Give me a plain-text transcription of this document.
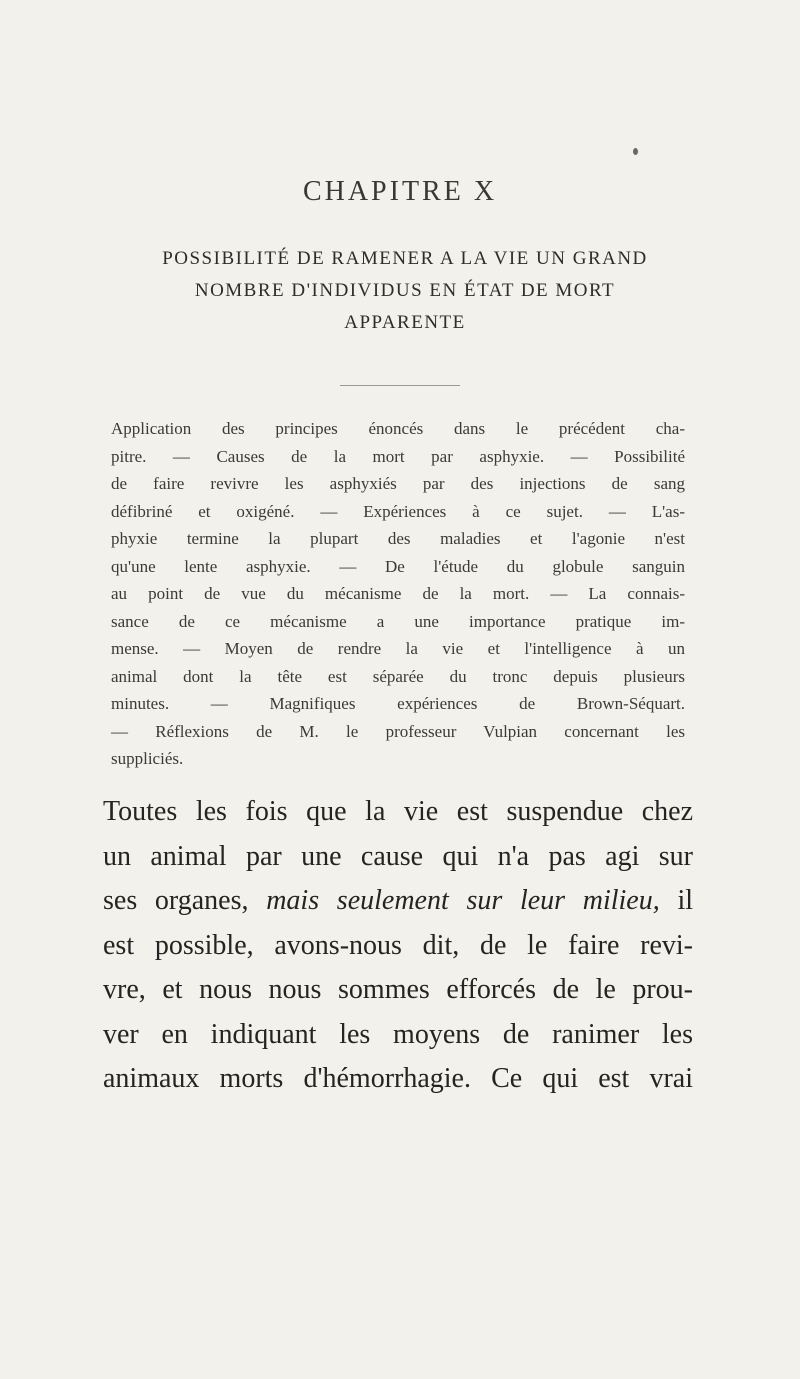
CHAPITRE X
POSSIBILITÉ DE RAMENER A LA VIE UN GRAND
NOMBRE D'INDIVIDUS EN ÉTAT DE MORT
APPARENTE
Application des principes énoncés dans le précédent cha-
pitre. — Causes de la mort par asphyxie. — Possibilité
de faire revivre les asphyxiés par des injections de sang
défibriné et oxigéné. — Expériences à ce sujet. — L'as-
phyxie termine la plupart des maladies et l'agonie n'est
qu'une lente asphyxie. — De l'étude du globule sanguin
au point de vue du mécanisme de la mort. — La connais-
sance de ce mécanisme a une importance pratique im-
mense. — Moyen de rendre la vie et l'intelligence à un
animal dont la tête est séparée du tronc depuis plusieurs
minutes. — Magnifiques expériences de Brown-Séquart.
— Réflexions de M. le professeur Vulpian concernant les
suppliciés.
Toutes les fois que la vie est suspendue chez
un animal par une cause qui n'a pas agi sur
ses organes, mais seulement sur leur milieu, il
est possible, avons-nous dit, de le faire revi-
vre, et nous nous sommes efforcés de le prou-
ver en indiquant les moyens de ranimer les
animaux morts d'hémorrhagie. Ce qui est vrai
